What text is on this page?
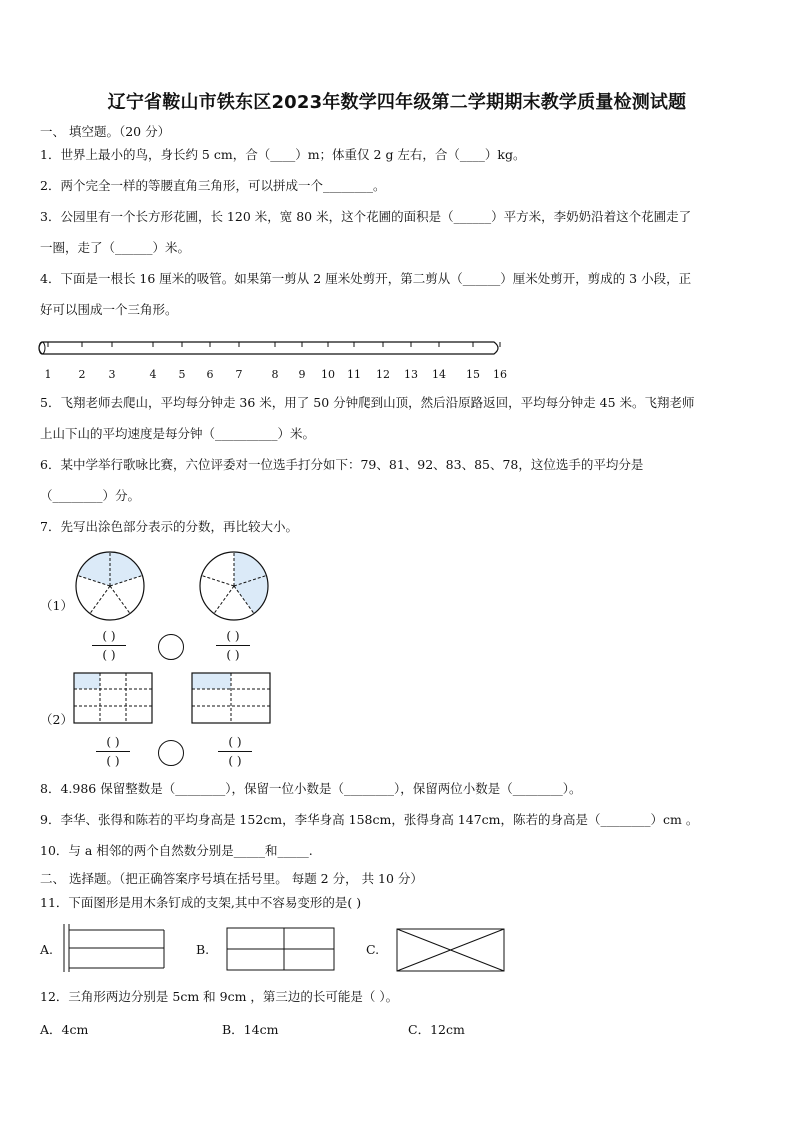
辽宁省鞍山市铁东区2023年数学四年级第二学期期末教学质量检测试题
一、 填空题。（20 分）
1．世界上最小的鸟，身长约 5 cm，合（____）m；体重仅 2 g 左右，合（____）kg。
2．两个完全一样的等腰直角三角形，可以拼成一个________。
3．公园里有一个长方形花圃，长 120 米，宽 80 米，这个花圃的面积是（______）平方米，李奶奶沿着这个花圃走了
一圈，走了（______）米。
4．下面是一根长 16 厘米的吸管。如果第一剪从 2 厘米处剪开，第二剪从（______）厘米处剪开，剪成的 3 小段，正
好可以围成一个三角形。
1 2 3	4 5 6 7	8 9 10 11 12 13 14 15 16
5．飞翔老师去爬山，平均每分钟走 36 米，用了 50 分钟爬到山顶，然后沿原路返回，平均每分钟走 45 米。飞翔老师
上山下山的平均速度是每分钟（__________）米。
6．某中学举行歌咏比赛，六位评委对一位选手打分如下：79、81、92、83、85、78，这位选手的平均分是
（________）分。
7．先写出涂色部分表示的分数，再比较大小。
（1）
( )
( )
( )
( )
（2）
( )
( )
( )
( )
8．4.986 保留整数是（________），保留一位小数是（________），保留两位小数是（________）。
9．李华、张得和陈若的平均身高是 152cm，李华身高 158cm，张得身高 147cm，陈若的身高是（________）cm 。
10．与 a 相邻的两个自然数分别是_____和_____.
二、 选择题。（把正确答案序号填在括号里。 每题 2 分， 共 10 分）
11．下面图形是用木条钉成的支架,其中不容易变形的是( )
A.	B.	C.
12．三角形两边分别是 5cm 和 9cm ，第三边的长可能是（ ）。
A．4cm	B．14cm	C．12cm
